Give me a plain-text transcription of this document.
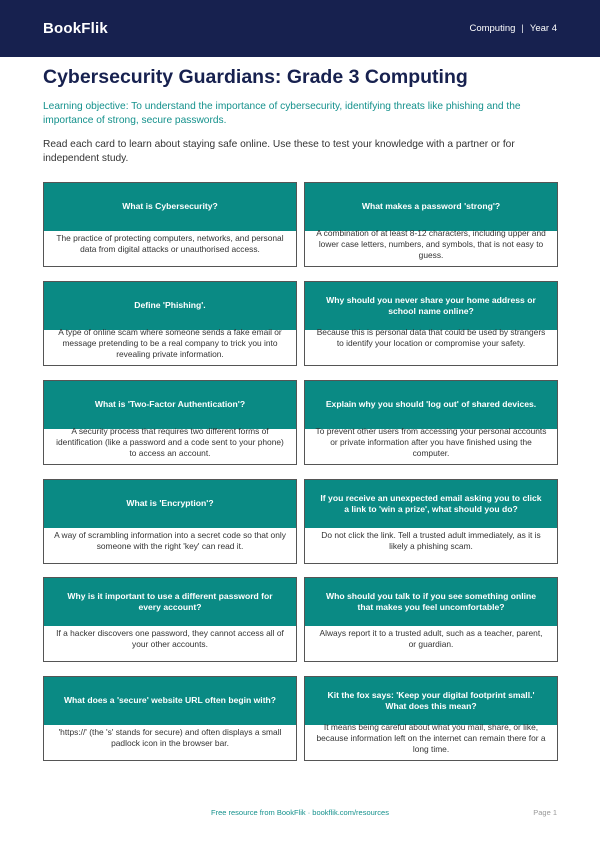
BookFlik	Computing | Year 4
Cybersecurity Guardians: Grade 3 Computing

Learning objective: To understand the importance of cybersecurity, identifying threats like phishing and the importance of strong, secure passwords.

Read each card to learn about staying safe online. Use these to test your knowledge with a partner or for independent study.

What is Cybersecurity?
The practice of protecting computers, networks, and personal data from digital attacks or unauthorised access.
What makes a password 'strong'?
A combination of at least 8-12 characters, including upper and lower case letters, numbers, and symbols, that is not easy to guess.
Define 'Phishing'.
A type of online scam where someone sends a fake email or message pretending to be a real company to trick you into revealing private information.
Why should you never share your home address or school name online?
Because this is personal data that could be used by strangers to identify your location or compromise your safety.
What is 'Two-Factor Authentication'?
A security process that requires two different forms of identification (like a password and a code sent to your phone) to access an account.
Explain why you should 'log out' of shared devices.
To prevent other users from accessing your personal accounts or private information after you have finished using the computer.
What is 'Encryption'?
A way of scrambling information into a secret code so that only someone with the right 'key' can read it.
If you receive an unexpected email asking you to click a link to 'win a prize', what should you do?
Do not click the link. Tell a trusted adult immediately, as it is likely a phishing scam.
Why is it important to use a different password for every account?
If a hacker discovers one password, they cannot access all of your other accounts.
Who should you talk to if you see something online that makes you feel uncomfortable?
Always report it to a trusted adult, such as a teacher, parent, or guardian.
What does a 'secure' website URL often begin with?
'https://' (the 's' stands for secure) and often displays a small padlock icon in the browser bar.
Kit the fox says: 'Keep your digital footprint small.' What does this mean?
It means being careful about what you mail, share, or like, because information left on the internet can remain there for a long time.
Free resource from BookFlik · bookflik.com/resources	Page 1
